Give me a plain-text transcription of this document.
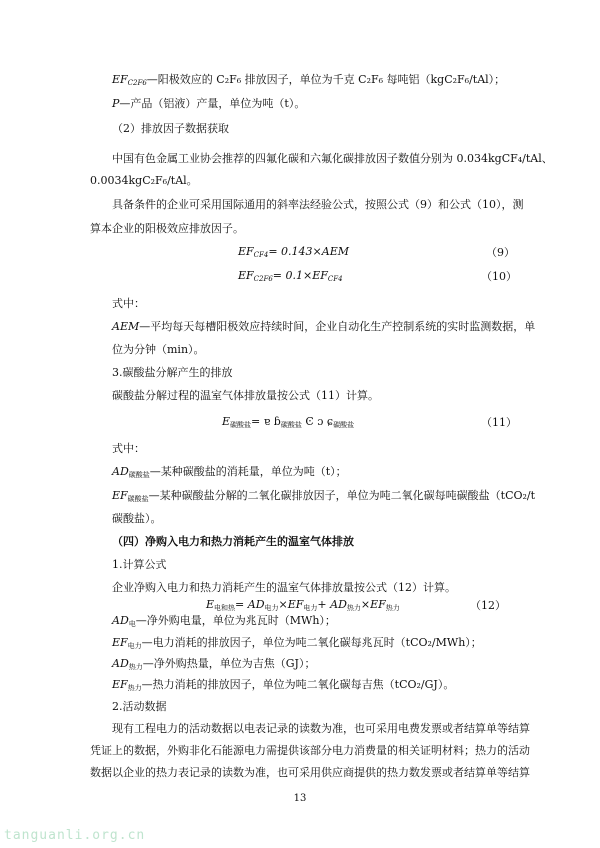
$EF_{C2F6}—$阳极效应的 C₂F₆ 排放因子，单位为千克 C₂F₆ 每吨铝（kgC₂F₆/tAl）；
P—产品（铝液）产量，单位为吨（t）。
（2）排放因子数据获取
中国有色金属工业协会推荐的四氟化碳和六氟化碳排放因子数值分别为 0.034kgCF₄/tAl、
0.0034kgC₂F₆/tAl。
具备条件的企业可采用国际通用的斜率法经验公式，按照公式（9）和公式（10），测
算本企业的阳极效应排放因子。
$EF_{CF4}= 0.143\times AEM$	（9）
$EF_{C2F6}= 0.1\times EF_{CF4}$	（10）
式中：
AEM—平均每天每槽阳极效应持续时间，企业自动化生产控制系统的实时监测数据，单
位为分钟（min）。
3.碳酸盐分解产生的排放
碳酸盐分解过程的温室气体排放量按公式（11）计算。
$E_{碳酸盐}=$ ɐ ɓ$_{碳酸盐}$ Ͼ ɔ ɕ$_{碳酸盐}$	（11）
式中：
$AD_{碳酸盐}—$某种碳酸盐的消耗量，单位为吨（t）；
$EF_{碳酸盐}—$某种碳酸盐分解的二氧化碳排放因子，单位为吨二氧化碳每吨碳酸盐（tCO₂/t
碳酸盐）。
（四）净购入电力和热力消耗产生的温室气体排放
1.计算公式
企业净购入电力和热力消耗产生的温室气体排放量按公式（12）计算。
$E_{电和热}= AD_{电力}\times EF_{电力}+ AD_{热力}\times EF_{热力}$	（12）
$AD_电—$净外购电量，单位为兆瓦时（MWh）；
$EF_{电力}—$电力消耗的排放因子，单位为吨二氧化碳每兆瓦时（tCO₂/MWh）；
$AD_{热力}—$净外购热量，单位为吉焦（GJ）；
$EF_{热力}—$热力消耗的排放因子，单位为吨二氧化碳每吉焦（tCO₂/GJ）。
2.活动数据
现有工程电力的活动数据以电表记录的读数为准，也可采用电费发票或者结算单等结算
凭证上的数据，外购非化石能源电力需提供该部分电力消费量的相关证明材料；热力的活动
数据以企业的热力表记录的读数为准，也可采用供应商提供的热力数发票或者结算单等结算
13
tanguanli.org.cn
